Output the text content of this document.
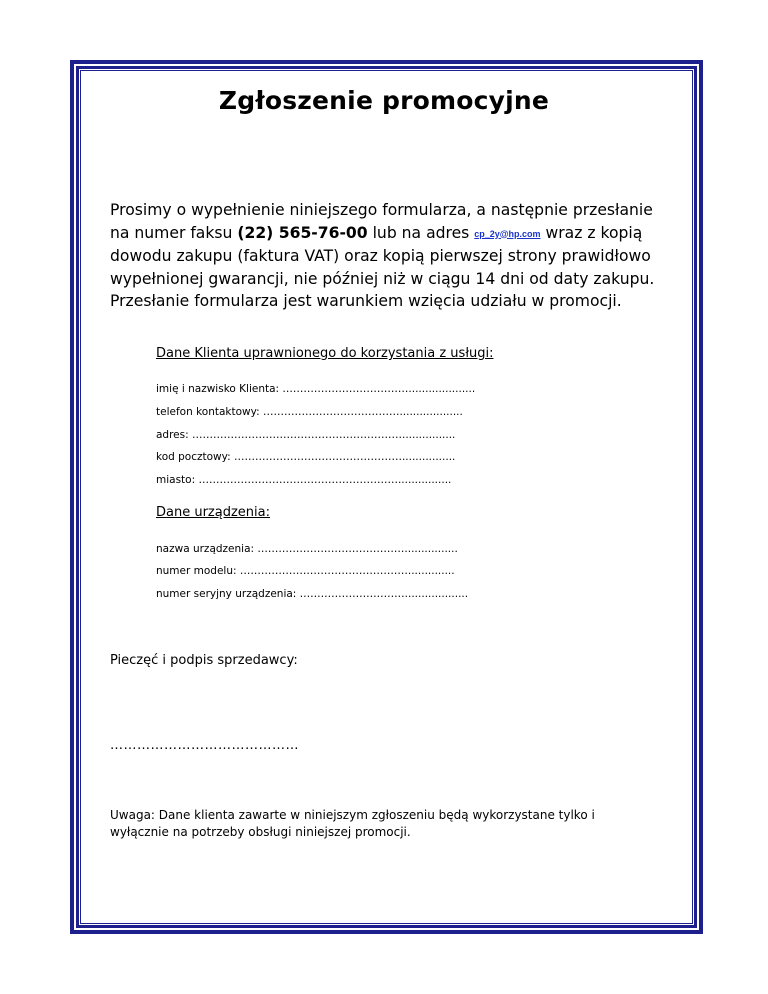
Zgłoszenie promocyjne
Prosimy o wypełnienie niniejszego formularza, a następnie przesłanie na numer faksu (22) 565-76-00 lub na adres cp_2y@hp.com wraz z kopią dowodu zakupu (faktura VAT) oraz kopią pierwszej strony prawidłowo wypełnionej gwarancji, nie później niż w ciągu 14 dni od daty zakupu. Przesłanie formularza jest warunkiem wzięcia udziału w promocji.
Dane Klienta uprawnionego do korzystania z usługi:
imię i nazwisko Klienta: ………………………………....................
telefon kontaktowy: …………………………………...................
adres: ……………………………………………………................
kod pocztowy: …………………………………………................
miasto: …………………………………………………................
Dane urządzenia:
nazwa urządzenia: ……………………………………................
numer modelu: …………………………………………..............
numer seryjny urządzenia: …………………………...................
Pieczęć i podpis sprzedawcy:
……………………………………
Uwaga: Dane klienta zawarte w niniejszym zgłoszeniu będą wykorzystane tylko i wyłącznie na potrzeby obsługi niniejszej promocji.
